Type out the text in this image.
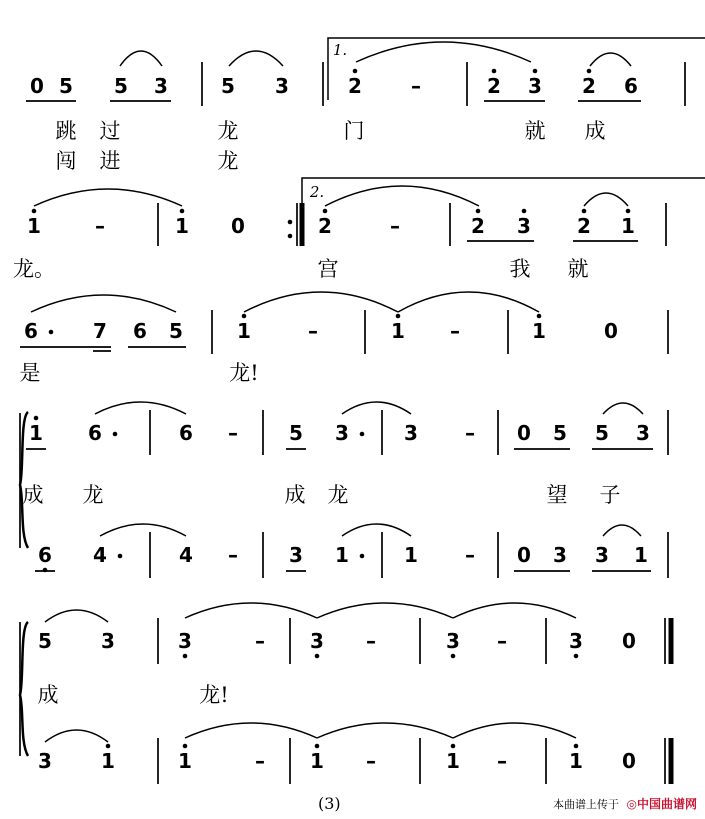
0 5 5 3	5 3	2 –	2 3 2 6
1.
跳 过	龙	门	就 成
闯 进	龙
1	–	1 0	2	–	2 3 2 1
2.
龙。	宫	我 就
6	7 6 5	1	–	1 –	1	0
是	龙!
1 6	6 –	5 3	3 – 0 5 5 3
成 龙	成 龙	望 子
6 4	4 –	3 1	1 – 0 3 3 1
5 3	3	– 3 –	3 –	3 0
成	龙!
3 1	1	– 1 –	1 –	1 0
(3)	本曲谱上传于 ◎中国曲谱网
